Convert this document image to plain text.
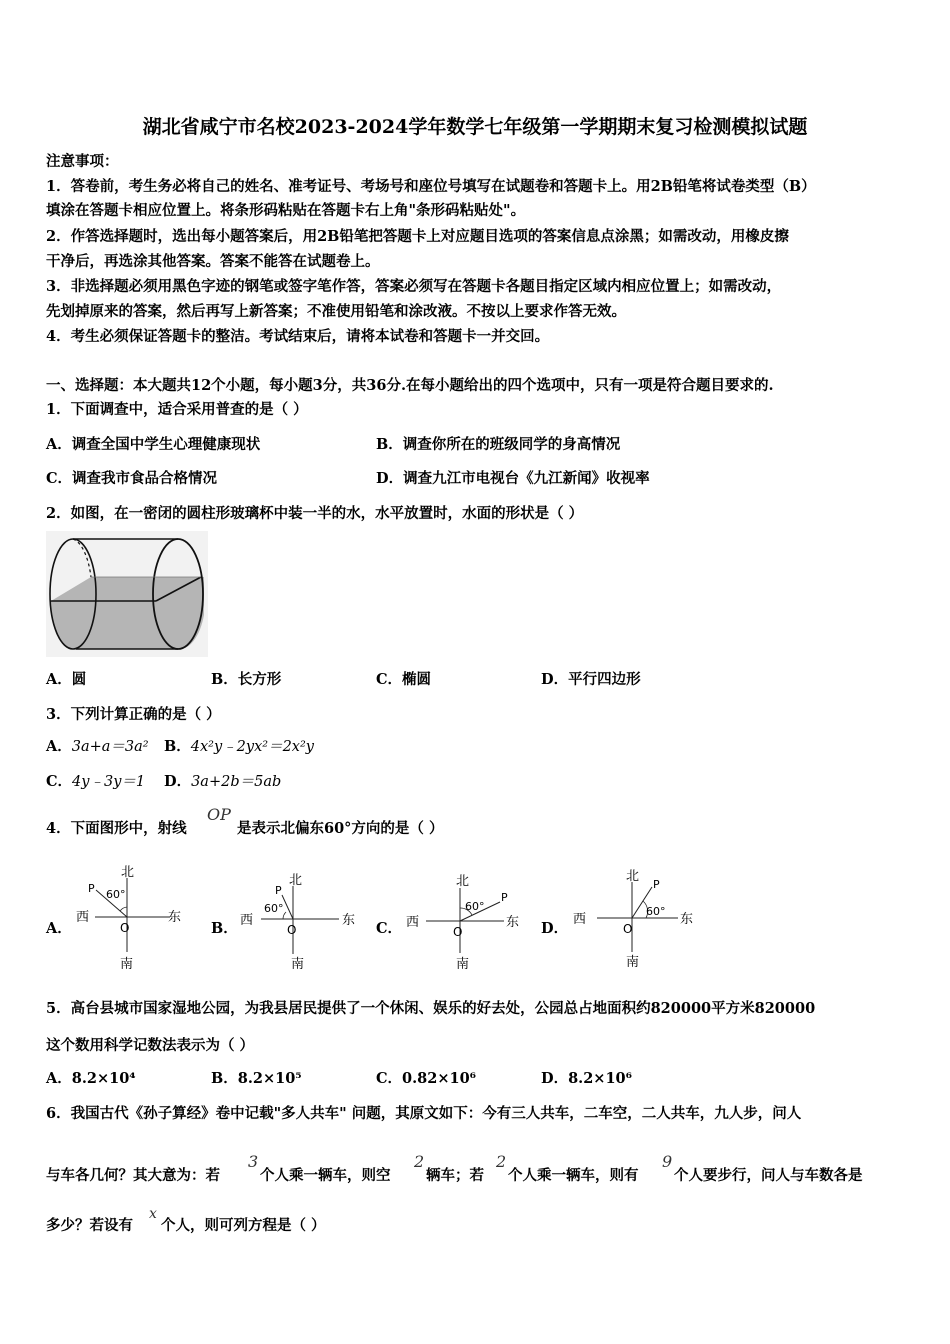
湖北省咸宁市名校2023-2024学年数学七年级第一学期期末复习检测模拟试题
注意事项：
1．答卷前，考生务必将自己的姓名、准考证号、考场号和座位号填写在试题卷和答题卡上。用2B铅笔将试卷类型（B）
填涂在答题卡相应位置上。将条形码粘贴在答题卡右上角"条形码粘贴处"。
2．作答选择题时，选出每小题答案后，用2B铅笔把答题卡上对应题目选项的答案信息点涂黑；如需改动，用橡皮擦
干净后，再选涂其他答案。答案不能答在试题卷上。
3．非选择题必须用黑色字迹的钢笔或签字笔作答，答案必须写在答题卡各题目指定区域内相应位置上；如需改动，
先划掉原来的答案，然后再写上新答案；不准使用铅笔和涂改液。不按以上要求作答无效。
4．考生必须保证答题卡的整洁。考试结束后，请将本试卷和答题卡一并交回。
一、选择题：本大题共12个小题，每小题3分，共36分.在每小题给出的四个选项中，只有一项是符合题目要求的.
1．下面调查中，适合采用普查的是（ ）
A．调查全国中学生心理健康现状	B．调查你所在的班级同学的身高情况
C．调查我市食品合格情况	D．调查九江市电视台《九江新闻》收视率
2．如图，在一密闭的圆柱形玻璃杯中装一半的水，水平放置时，水面的形状是（ ）
A．圆	B．长方形	C．椭圆	D．平行四边形
3．下列计算正确的是（ ）
A．3a+a＝3a² B．4x²y﹣2yx²＝2x²y
C．4y﹣3y＝1 D．3a+2b＝5ab
4．下面图形中，射线
OP
是表示北偏东60°方向的是（ ）
A．
北
南
东
西
O
P 60°
B．
北
南
东
西
O
P
60°
C．
北
南
东
西
O
P
60°
D．
北
南
东
西
O
P
60°
5．高台县城市国家湿地公园，为我县居民提供了一个休闲、娱乐的好去处，公园总占地面积约820000平方米820000
这个数用科学记数法表示为（ ）
A．8.2×10⁴	B．8.2×10⁵	C．0.82×10⁶	D．8.2×10⁶
6．我国古代《孙子算经》卷中记载"多人共车" 问题，其原文如下：今有三人共车，二车空，二人共车，九人步，问人
与车各几何？其大意为：若
3
个人乘一辆车，则空
2
辆车；若
2
个人乘一辆车，则有
9
个人要步行，问人与车数各是
多少？若设有
x
个人，则可列方程是（ ）
